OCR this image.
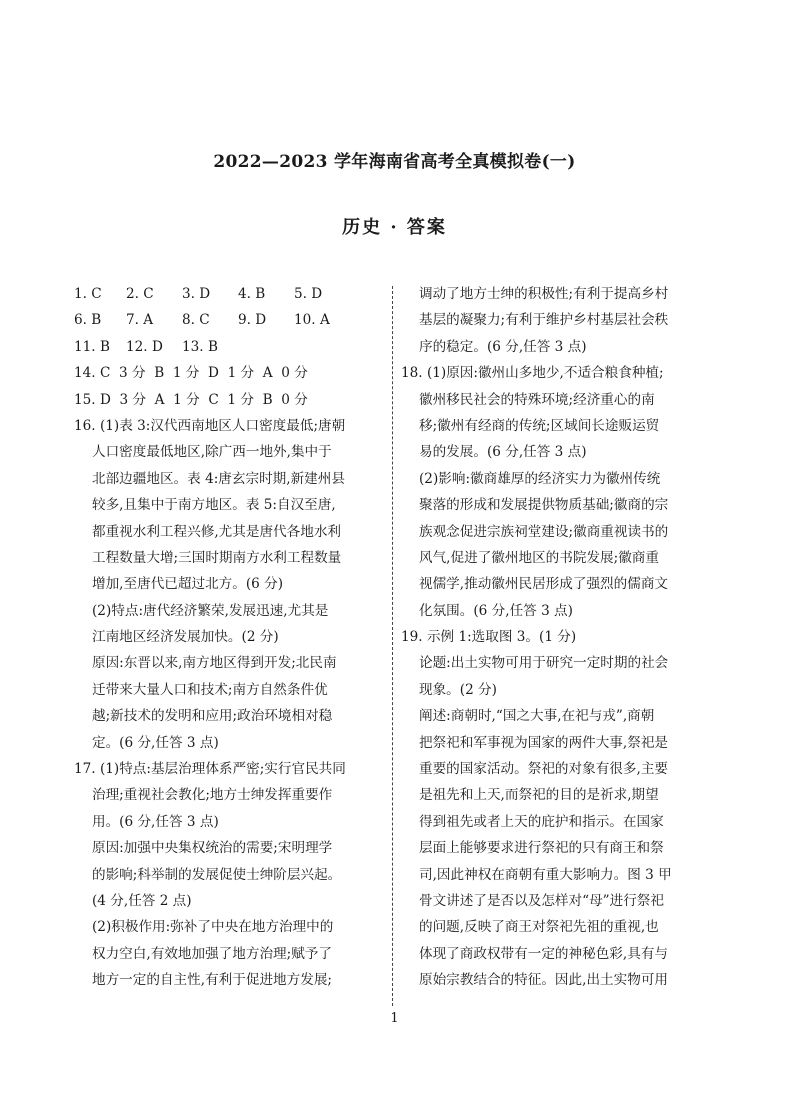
2022—2023 学年海南省高考全真模拟卷(一)
历史 · 答案
1. C 2. C 3. D 4. B 5. D
6. B 7. A 8. C 9. D 10. A
11. B 12. D 13. B
14. C  3 分  B  1 分  D  1 分  A  0 分
15. D  3 分  A  1 分  C  1 分  B  0 分
16. (1)表 3:汉代西南地区人口密度最低;唐朝
人口密度最低地区,除广西一地外,集中于
北部边疆地区。表 4:唐玄宗时期,新建州县
较多,且集中于南方地区。表 5:自汉至唐,
都重视水利工程兴修,尤其是唐代各地水利
工程数量大增;三国时期南方水利工程数量
增加,至唐代已超过北方。(6 分)
(2)特点:唐代经济繁荣,发展迅速,尤其是
江南地区经济发展加快。(2 分)
原因:东晋以来,南方地区得到开发;北民南
迁带来大量人口和技术;南方自然条件优
越;新技术的发明和应用;政治环境相对稳
定。(6 分,任答 3 点)
17. (1)特点:基层治理体系严密;实行官民共同
治理;重视社会教化;地方士绅发挥重要作
用。(6 分,任答 3 点)
原因:加强中央集权统治的需要;宋明理学
的影响;科举制的发展促使士绅阶层兴起。
(4 分,任答 2 点)
(2)积极作用:弥补了中央在地方治理中的
权力空白,有效地加强了地方治理;赋予了
地方一定的自主性,有利于促进地方发展;
调动了地方士绅的积极性;有利于提高乡村
基层的凝聚力;有利于维护乡村基层社会秩
序的稳定。(6 分,任答 3 点)
18. (1)原因:徽州山多地少,不适合粮食种植;
徽州移民社会的特殊环境;经济重心的南
移;徽州有经商的传统;区域间长途贩运贸
易的发展。(6 分,任答 3 点)
(2)影响:徽商雄厚的经济实力为徽州传统
聚落的形成和发展提供物质基础;徽商的宗
族观念促进宗族祠堂建设;徽商重视读书的
风气,促进了徽州地区的书院发展;徽商重
视儒学,推动徽州民居形成了强烈的儒商文
化氛围。(6 分,任答 3 点)
19. 示例 1:选取图 3。(1 分)
论题:出土实物可用于研究一定时期的社会
现象。(2 分)
阐述:商朝时,“国之大事,在祀与戎”,商朝
把祭祀和军事视为国家的两件大事,祭祀是
重要的国家活动。祭祀的对象有很多,主要
是祖先和上天,而祭祀的目的是祈求,期望
得到祖先或者上天的庇护和指示。在国家
层面上能够要求进行祭祀的只有商王和祭
司,因此神权在商朝有重大影响力。图 3 甲
骨文讲述了是否以及怎样对“母”进行祭祀
的问题,反映了商王对祭祀先祖的重视,也
体现了商政权带有一定的神秘色彩,具有与
原始宗教结合的特征。因此,出土实物可用
1
